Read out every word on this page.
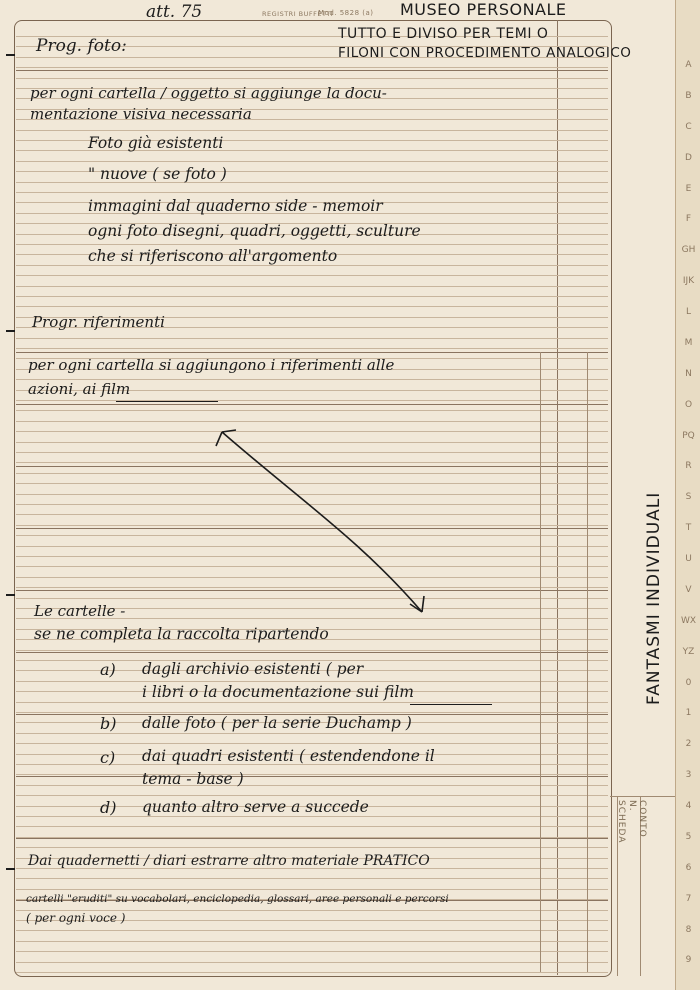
A
B
C
D
E
F
GH
IJK
L
M
N
O
PQ
R
S
T
U
V
WX
YZ
0
1
2
3
4
5
6
7
8
9
att. 75	REGISTRI BUFFETTI
Mod. 5828 (a) MUSEO PERSONALE
TUTTO E DIVISO PER TEMI O
FILONI CON PROCEDIMENTO ANALOGICO
Prog. foto:
per ogni cartella / oggetto si aggiunge la docu-
mentazione visiva necessaria
Foto già esistenti
" nuove ( se foto )
immagini dal quaderno side - memoir
ogni foto disegni, quadri, oggetti, sculture
che si riferiscono all'argomento
Progr. riferimenti
per ogni cartella si aggiungono i riferimenti alle
azioni, ai film
Le cartelle -
se ne completa la raccolta ripartendo
a) dagli archivio esistenti ( per
i libri o la documentazione sui film
b) dalle foto ( per la serie Duchamp )
c) dai quadri esistenti ( estendendone il
tema - base )
d) quanto altro serve a succede
Dai quadernetti / diari estrarre altro materiale PRATICO
cartelli "eruditi" su vocabolari, enciclopedia, glossari, aree personali e percorsi
( per ogni voce )
FANTASMI INDIVIDUALI
CONTO N.
SCHEDA
